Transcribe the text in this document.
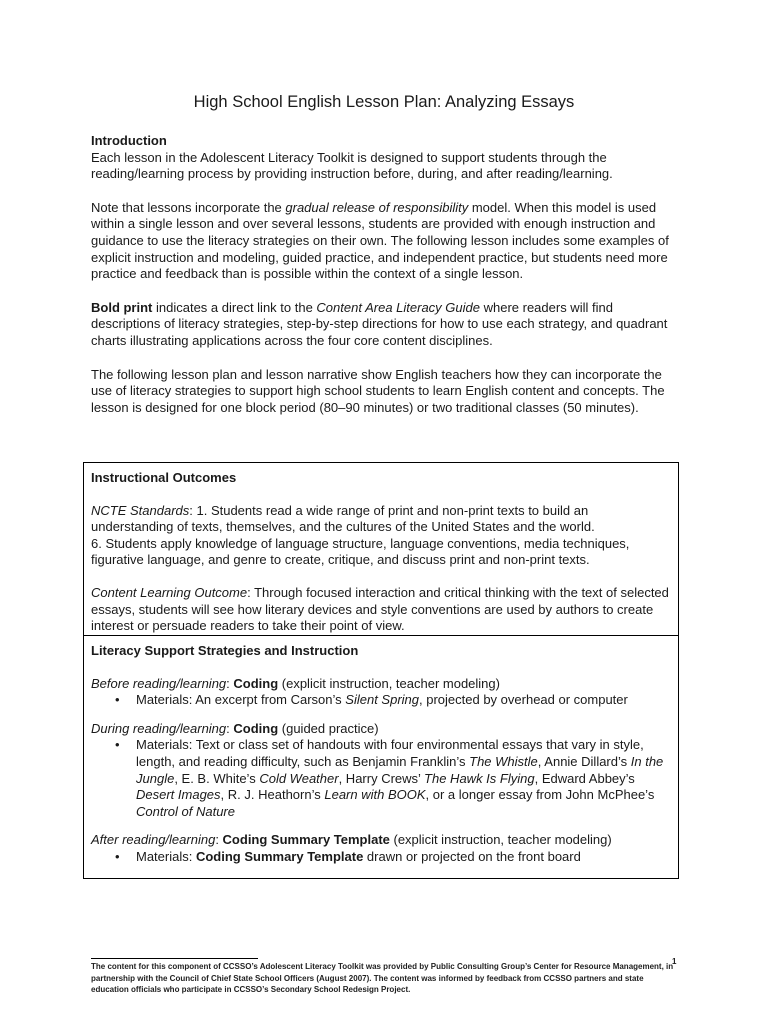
High School English Lesson Plan: Analyzing Essays

Introduction
Each lesson in the Adolescent Literacy Toolkit is designed to support students through the reading/learning process by providing instruction before, during, and after reading/learning.

Note that lessons incorporate the gradual release of responsibility model. When this model is used within a single lesson and over several lessons, students are provided with enough instruction and guidance to use the literacy strategies on their own. The following lesson includes some examples of explicit instruction and modeling, guided practice, and independent practice, but students need more practice and feedback than is possible within the context of a single lesson.

Bold print indicates a direct link to the Content Area Literacy Guide where readers will find descriptions of literacy strategies, step-by-step directions for how to use each strategy, and quadrant charts illustrating applications across the four core content disciplines.

The following lesson plan and lesson narrative show English teachers how they can incorporate the use of literacy strategies to support high school students to learn English content and concepts. The lesson is designed for one block period (80–90 minutes) or two traditional classes (50 minutes).

Instructional Outcomes

NCTE Standards: 1. Students read a wide range of print and non-print texts to build an understanding of texts, themselves, and the cultures of the United States and the world.
6. Students apply knowledge of language structure, language conventions, media techniques, figurative language, and genre to create, critique, and discuss print and non-print texts.

Content Learning Outcome: Through focused interaction and critical thinking with the text of selected essays, students will see how literary devices and style conventions are used by authors to create interest or persuade readers to take their point of view.

Literacy Support Strategies and Instruction

Before reading/learning: Coding (explicit instruction, teacher modeling)

• Materials: An excerpt from Carson’s Silent Spring, projected by overhead or computer

During reading/learning: Coding (guided practice)

• Materials: Text or class set of handouts with four environmental essays that vary in style, length, and reading difficulty, such as Benjamin Franklin’s The Whistle, Annie Dillard’s In the Jungle, E. B. White’s Cold Weather, Harry Crews’ The Hawk Is Flying, Edward Abbey’s Desert Images, R. J. Heathorn’s Learn with BOOK, or a longer essay from John McPhee’s Control of Nature

After reading/learning: Coding Summary Template (explicit instruction, teacher modeling)

• Materials: Coding Summary Template drawn or projected on the front board
The content for this component of CCSSO’s Adolescent Literacy Toolkit was provided by Public Consulting Group’s Center for Resource Management, in partnership with the Council of Chief State School Officers (August 2007). The content was informed by feedback from CCSSO partners and state education officials who participate in CCSSO’s Secondary School Redesign Project.
1
